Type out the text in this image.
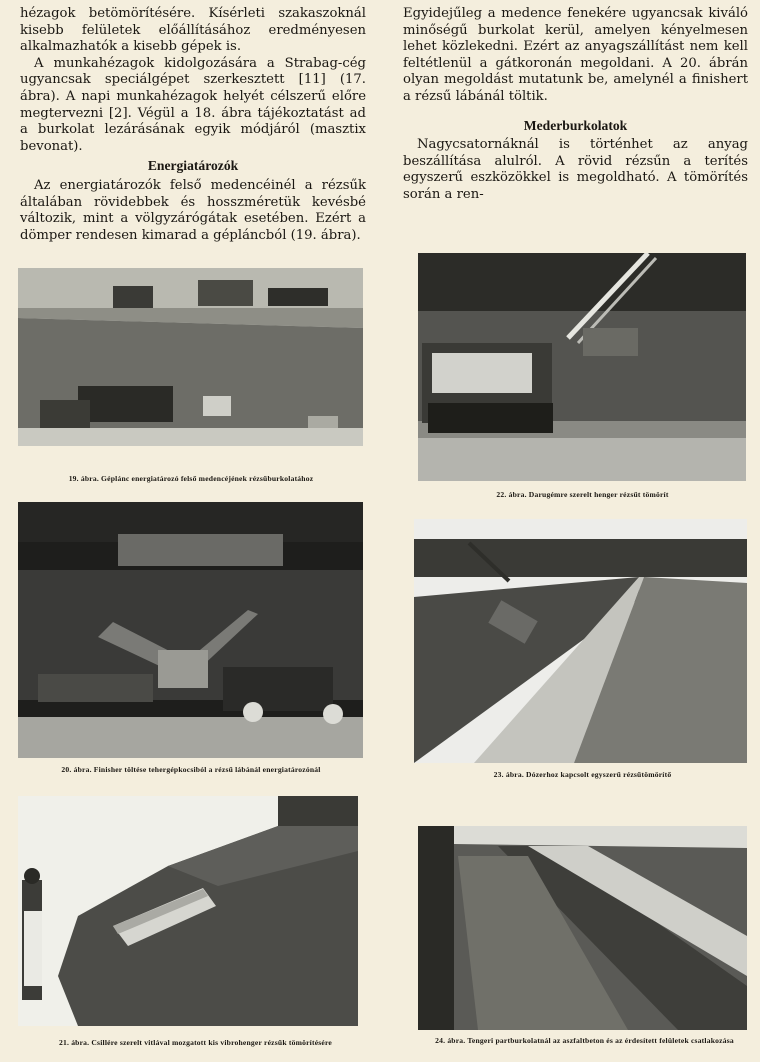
hézagok betömörítésére. Kísérleti szakaszoknál kisebb felületek előállításához eredményesen alkalmazhatók a kisebb gépek is.

A munkahézagok kidolgozására a Strabag-cég ugyancsak speciálgépet szerkesztett [11] (17. ábra). A napi munkahézagok helyét célszerű előre megtervezni [2]. Végül a 18. ábra tájékoztatást ad a burkolat lezárásának egyik módjáról (masztix bevonat).

Energiatározók

Az energiatározók felső medencéinél a rézsűk általában rövidebbek és hosszméretük kevésbé változik, mint a völgyzárógátak esetében. Ezért a dömper rendesen kimarad a gépláncból (19. ábra).

Egyidejűleg a medence fenekére ugyancsak kiváló minőségű burkolat kerül, amelyen kényelmesen lehet közlekedni. Ezért az anyagszállítást nem kell feltétlenül a gátkoronán megoldani. A 20. ábrán olyan megoldást mutatunk be, amelynél a finishert a rézsű lábánál töltik.

Mederburkolatok

Nagycsatornáknál is történhet az anyag beszállítása alulról. A rövid rézsűn a terítés egyszerű eszközökkel is megoldható. A tömörítés során a ren-

19. ábra. Géplánc energiatározó felső medencéjének rézsűburkolatához
20. ábra. Finisher töltése tehergépkocsiból a rézsű lábánál energiatározónál
21. ábra. Csillére szerelt vitlával mozgatott kis vibrohenger rézsűk tömörítésére
22. ábra. Darugémre szerelt henger rézsűt tömörít
23. ábra. Dózerhoz kapcsolt egyszerű rézsűtömörítő
24. ábra. Tengeri partburkolatnál az aszfaltbeton és az érdesített felületek csatlakozása
